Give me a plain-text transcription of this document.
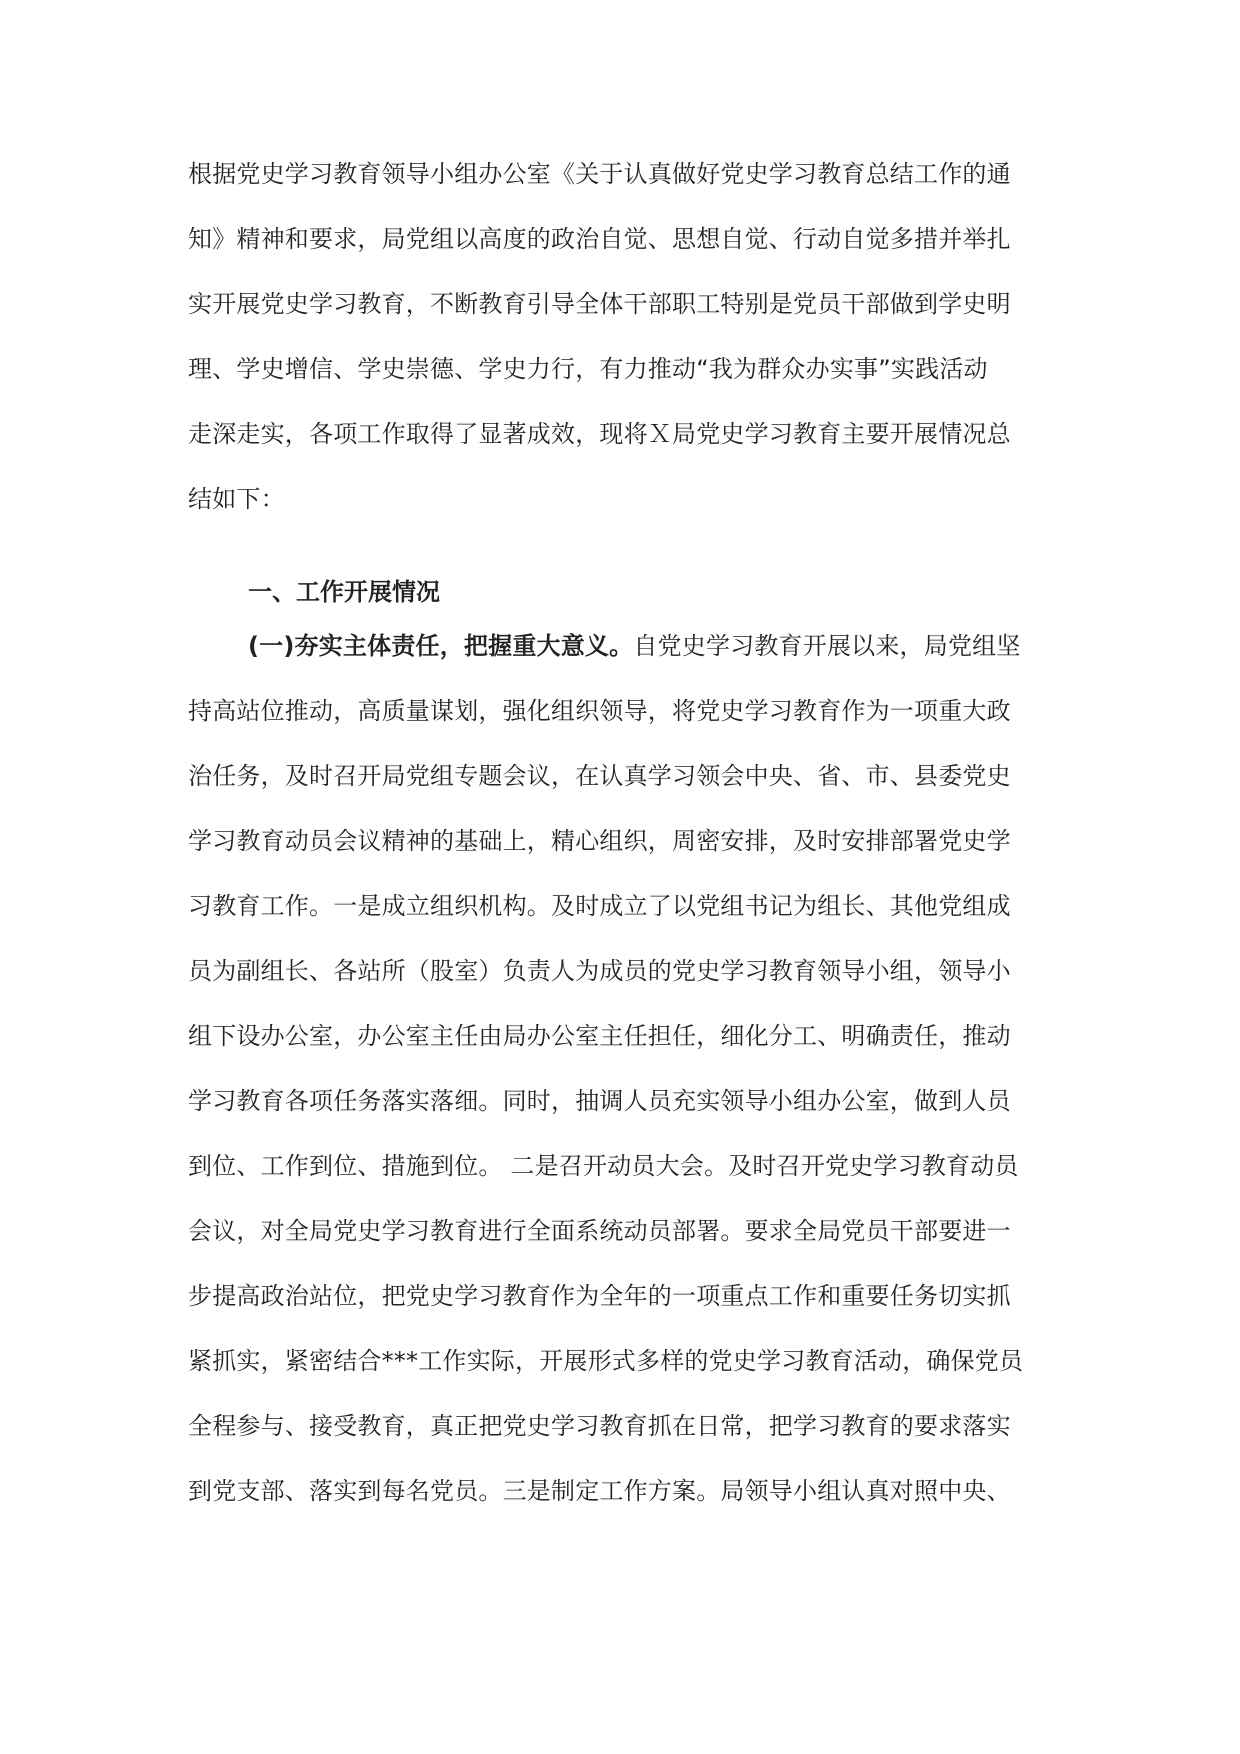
根据党史学习教育领导小组办公室《关于认真做好党史学习教育总结工作的通
知》精神和要求，局党组以高度的政治自觉、思想自觉、行动自觉多措并举扎
实开展党史学习教育，不断教育引导全体干部职工特别是党员干部做到学史明
理、学史增信、学史崇德、学史力行，有力推动“我为群众办实事”实践活动
走深走实，各项工作取得了显著成效，现将Ｘ局党史学习教育主要开展情况总
结如下：
一、工作开展情况
(一)夯实主体责任，把握重大意义。自党史学习教育开展以来，局党组坚
持高站位推动，高质量谋划，强化组织领导，将党史学习教育作为一项重大政
治任务，及时召开局党组专题会议，在认真学习领会中央、省、市、县委党史
学习教育动员会议精神的基础上，精心组织，周密安排，及时安排部署党史学
习教育工作。一是成立组织机构。及时成立了以党组书记为组长、其他党组成
员为副组长、各站所（股室）负责人为成员的党史学习教育领导小组，领导小
组下设办公室，办公室主任由局办公室主任担任，细化分工、明确责任，推动
学习教育各项任务落实落细。同时，抽调人员充实领导小组办公室，做到人员
到位、工作到位、措施到位。 二是召开动员大会。及时召开党史学习教育动员
会议，对全局党史学习教育进行全面系统动员部署。要求全局党员干部要进一
步提高政治站位，把党史学习教育作为全年的一项重点工作和重要任务切实抓
紧抓实，紧密结合***工作实际，开展形式多样的党史学习教育活动，确保党员
全程参与、接受教育，真正把党史学习教育抓在日常，把学习教育的要求落实
到党支部、落实到每名党员。三是制定工作方案。局领导小组认真对照中央、
